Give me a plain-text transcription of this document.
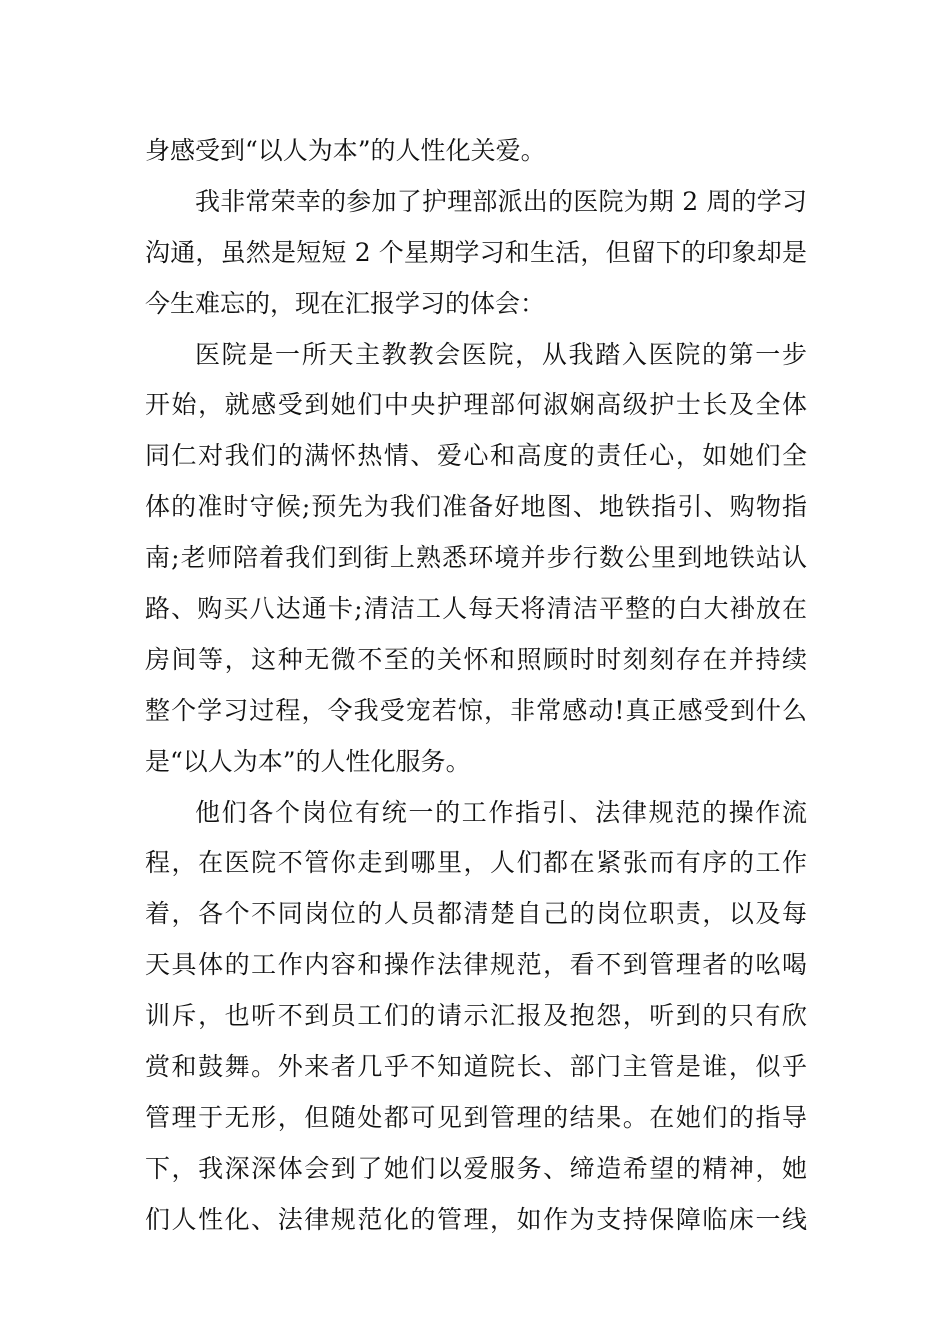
身感受到“以人为本”的人性化关爱。
我非常荣幸的参加了护理部派出的医院为期 2 周的学习
沟通，虽然是短短 2 个星期学习和生活，但留下的印象却是
今生难忘的，现在汇报学习的体会：
医院是一所天主教教会医院，从我踏入医院的第一步
开始，就感受到她们中央护理部何淑娴高级护士长及全体
同仁对我们的满怀热情、爱心和高度的责任心，如她们全
体的准时守候;预先为我们准备好地图、地铁指引、购物指
南;老师陪着我们到街上熟悉环境并步行数公里到地铁站认
路、购买八达通卡;清洁工人每天将清洁平整的白大褂放在
房间等，这种无微不至的关怀和照顾时时刻刻存在并持续
整个学习过程，令我受宠若惊，非常感动!真正感受到什么
是“以人为本”的人性化服务。
他们各个岗位有统一的工作指引、法律规范的操作流
程，在医院不管你走到哪里，人们都在紧张而有序的工作
着，各个不同岗位的人员都清楚自己的岗位职责，以及每
天具体的工作内容和操作法律规范，看不到管理者的吆喝
训斥，也听不到员工们的请示汇报及抱怨，听到的只有欣
赏和鼓舞。外来者几乎不知道院长、部门主管是谁，似乎
管理于无形，但随处都可见到管理的结果。在她们的指导
下，我深深体会到了她们以爱服务、缔造希望的精神，她
们人性化、法律规范化的管理，如作为支持保障临床一线
